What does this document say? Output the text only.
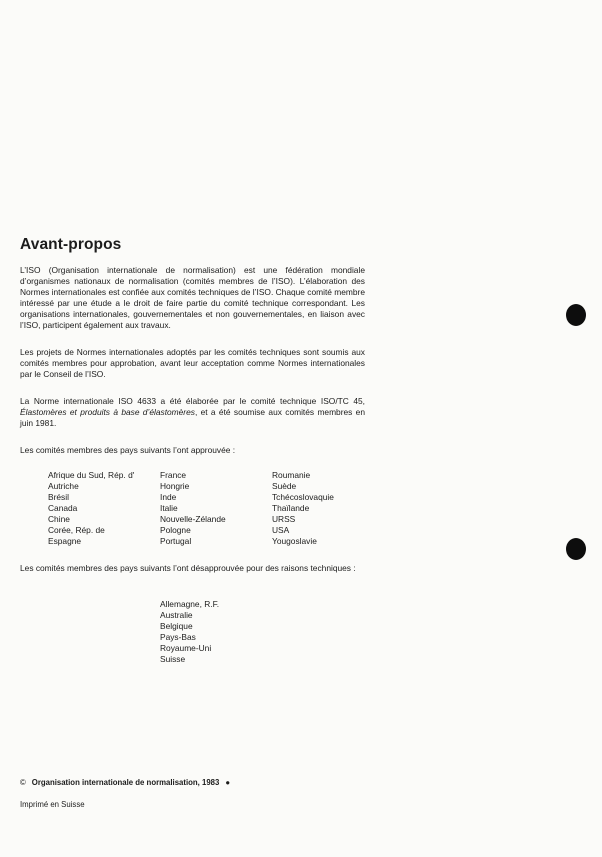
Avant-propos

L’ISO (Organisation internationale de normalisation) est une fédération mondiale d’organismes nationaux de normalisation (comités membres de l’ISO). L’élaboration des Normes internationales est confiée aux comités techniques de l’ISO. Chaque comité membre intéressé par une étude a le droit de faire partie du comité technique correspondant. Les organisations internationales, gouvernementales et non gouvernementales, en liaison avec l’ISO, participent également aux travaux.

Les projets de Normes internationales adoptés par les comités techniques sont soumis aux comités membres pour approbation, avant leur acceptation comme Normes internationales par le Conseil de l’ISO.

La Norme internationale ISO 4633 a été élaborée par le comité technique ISO/TC 45, Élastomères et produits à base d’élastomères, et a été soumise aux comités membres en juin 1981.

Les comités membres des pays suivants l’ont approuvée :

Afrique du Sud, Rép. d'
Autriche
Brésil
Canada
Chine
Corée, Rép. de
Espagne
France
Hongrie
Inde
Italie
Nouvelle-Zélande
Pologne
Portugal
Roumanie
Suède
Tchécoslovaquie
Thaïlande
URSS
USA
Yougoslavie

Les comités membres des pays suivants l’ont désapprouvée pour des raisons techniques :

Allemagne, R.F.
Australie
Belgique
Pays-Bas
Royaume-Uni
Suisse
© Organisation internationale de normalisation, 1983 ●
Imprimé en Suisse
